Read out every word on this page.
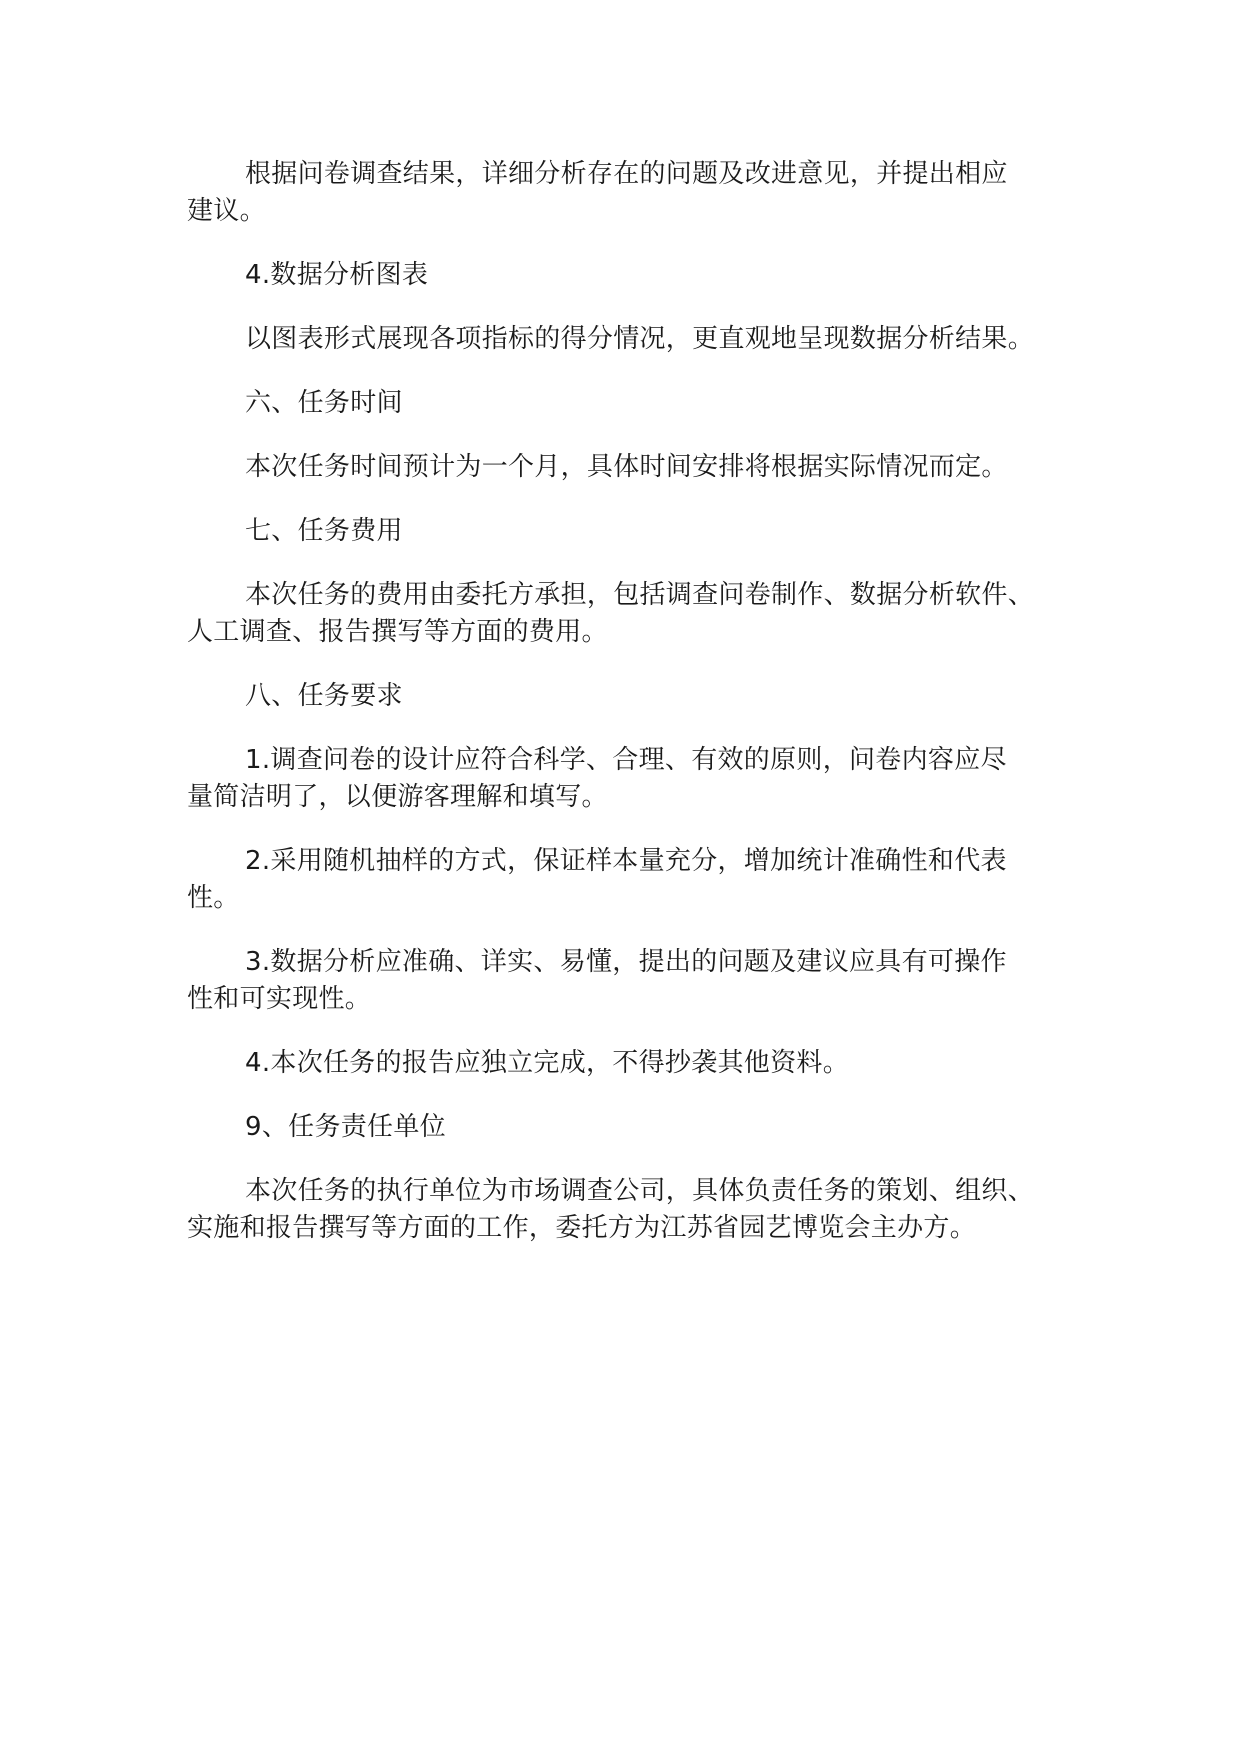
根据问卷调查结果，详细分析存在的问题及改进意见，并提出相应
建议。

4.数据分析图表

以图表形式展现各项指标的得分情况，更直观地呈现数据分析结果。

六、任务时间

本次任务时间预计为一个月，具体时间安排将根据实际情况而定。

七、任务费用

本次任务的费用由委托方承担，包括调查问卷制作、数据分析软件、
人工调查、报告撰写等方面的费用。

八、任务要求

1.调查问卷的设计应符合科学、合理、有效的原则，问卷内容应尽
量简洁明了，以便游客理解和填写。

2.采用随机抽样的方式，保证样本量充分，增加统计准确性和代表
性。

3.数据分析应准确、详实、易懂，提出的问题及建议应具有可操作
性和可实现性。

4.本次任务的报告应独立完成，不得抄袭其他资料。

9、任务责任单位

本次任务的执行单位为市场调查公司，具体负责任务的策划、组织、
实施和报告撰写等方面的工作，委托方为江苏省园艺博览会主办方。
